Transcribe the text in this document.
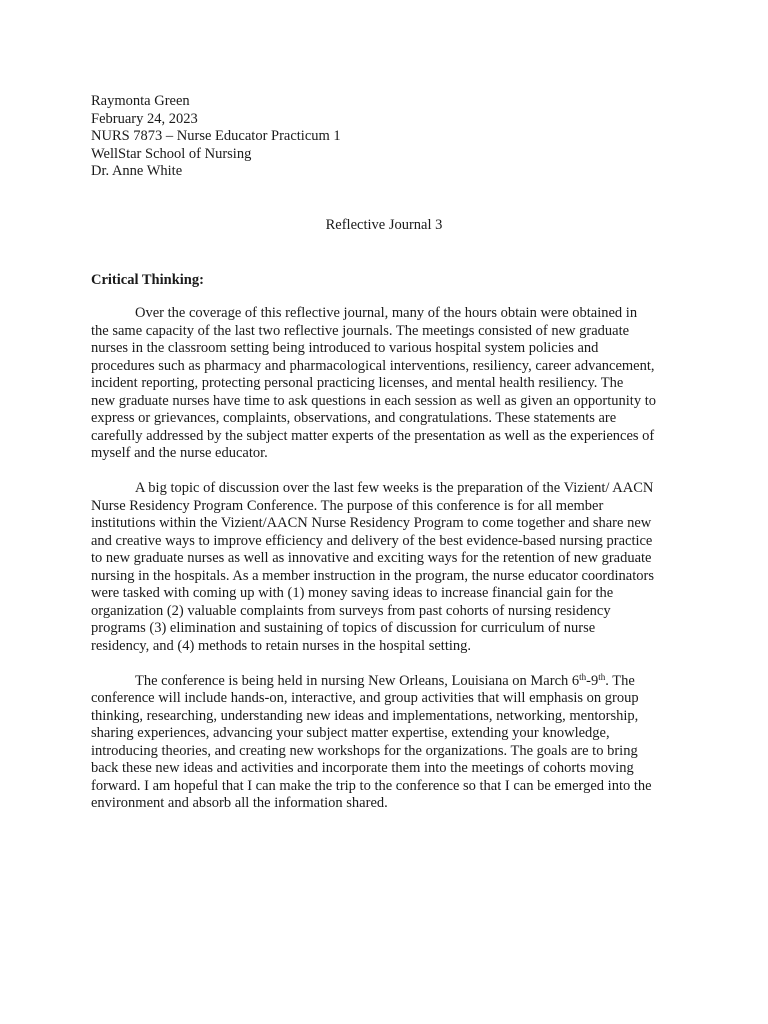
Raymonta Green
February 24, 2023
NURS 7873 – Nurse Educator Practicum 1
WellStar School of Nursing
Dr. Anne White
Reflective Journal 3
Critical Thinking:
Over the coverage of this reflective journal, many of the hours obtain were obtained in
the same capacity of the last two reflective journals. The meetings consisted of new graduate
nurses in the classroom setting being introduced to various hospital system policies and
procedures such as pharmacy and pharmacological interventions, resiliency, career advancement,
incident reporting, protecting personal practicing licenses, and mental health resiliency. The
new graduate nurses have time to ask questions in each session as well as given an opportunity to
express or grievances, complaints, observations, and congratulations. These statements are
carefully addressed by the subject matter experts of the presentation as well as the experiences of
myself and the nurse educator.
A big topic of discussion over the last few weeks is the preparation of the Vizient/ AACN
Nurse Residency Program Conference. The purpose of this conference is for all member
institutions within the Vizient/AACN Nurse Residency Program to come together and share new
and creative ways to improve efficiency and delivery of the best evidence-based nursing practice
to new graduate nurses as well as innovative and exciting ways for the retention of new graduate
nursing in the hospitals. As a member instruction in the program, the nurse educator coordinators
were tasked with coming up with (1) money saving ideas to increase financial gain for the
organization (2) valuable complaints from surveys from past cohorts of nursing residency
programs (3) elimination and sustaining of topics of discussion for curriculum of nurse
residency, and (4) methods to retain nurses in the hospital setting.
The conference is being held in nursing New Orleans, Louisiana on March 6th-9th. The
conference will include hands-on, interactive, and group activities that will emphasis on group
thinking, researching, understanding new ideas and implementations, networking, mentorship,
sharing experiences, advancing your subject matter expertise, extending your knowledge,
introducing theories, and creating new workshops for the organizations. The goals are to bring
back these new ideas and activities and incorporate them into the meetings of cohorts moving
forward. I am hopeful that I can make the trip to the conference so that I can be emerged into the
environment and absorb all the information shared.
